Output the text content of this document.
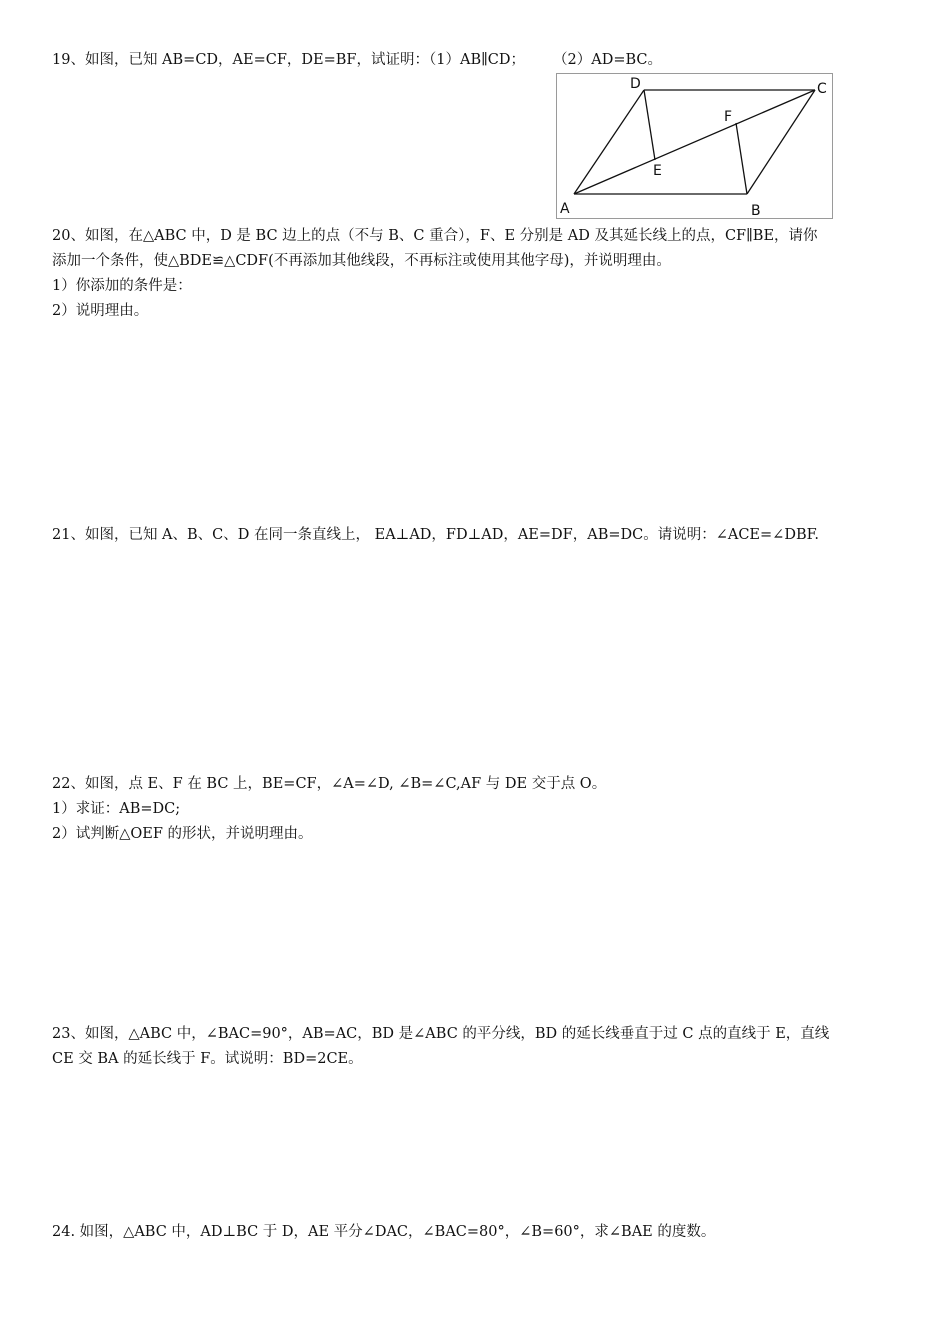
19、如图，已知 AB=CD，AE=CF，DE=BF，试证明：（1）AB∥CD； （2）AD=BC。
A	B
C
D
E
F
20、如图，在△ABC 中，D 是 BC 边上的点（不与 B、C 重合），F、E 分别是 AD 及其延长线上的点，CF∥BE，请你
添加一个条件，使△BDE≌△CDF(不再添加其他线段，不再标注或使用其他字母)，并说明理由。
1）你添加的条件是：
2）说明理由。
21、如图，已知 A、B、C、D 在同一条直线上， EA⊥AD，FD⊥AD，AE=DF，AB=DC。请说明：∠ACE=∠DBF.
22、如图，点 E、F 在 BC 上，BE=CF，∠A=∠D, ∠B=∠C,AF 与 DE 交于点 O。
1）求证：AB=DC;
2）试判断△OEF 的形状，并说明理由。
23、如图，△ABC 中，∠BAC=90°，AB=AC，BD 是∠ABC 的平分线，BD 的延长线垂直于过 C 点的直线于 E，直线
CE 交 BA 的延长线于 F。试说明：BD=2CE。
24. 如图，△ABC 中，AD⊥BC 于 D，AE 平分∠DAC，∠BAC=80°，∠B=60°，求∠BAE 的度数。
